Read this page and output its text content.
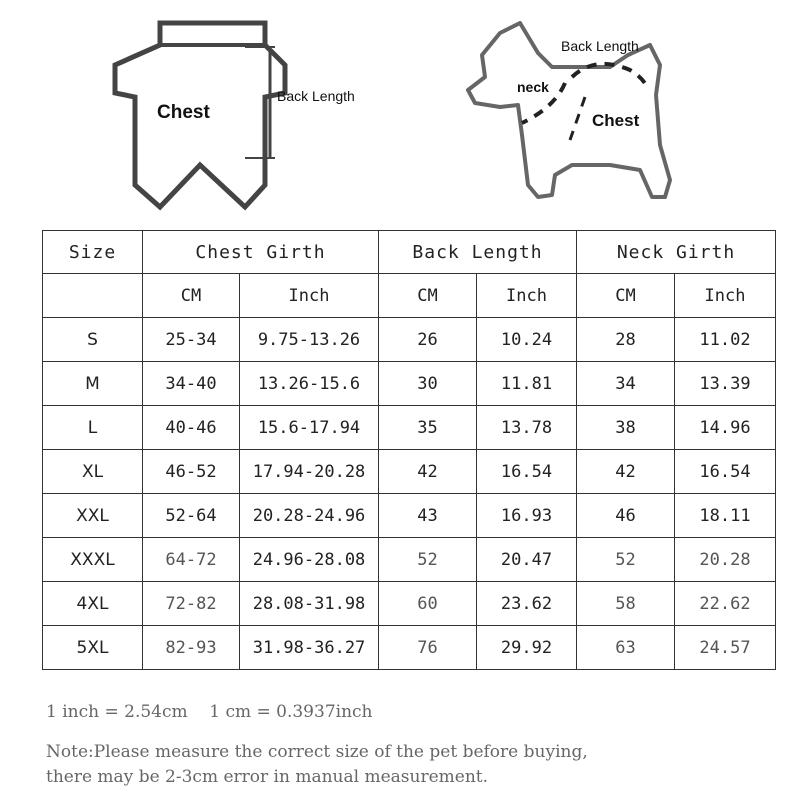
Chest
Back Length
Back Length
neck
Chest
Size	Chest Girth		Back Length		Neck Girth	
	CM	Inch	CM	Inch	CM	Inch
S	25-34	9.75-13.26	26	10.24	28	11.02
M	34-40	13.26-15.6	30	11.81	34	13.39
L	40-46	15.6-17.94	35	13.78	38	14.96
XL	46-52	17.94-20.28	42	16.54	42	16.54
XXL	52-64	20.28-24.96	43	16.93	46	18.11
XXXL	64-72	24.96-28.08	52	20.47	52	20.28
4XL	72-82	28.08-31.98	60	23.62	58	22.62
5XL	82-93	31.98-36.27	76	29.92	63	24.57
1 inch = 2.54cm    1 cm = 0.3937inch
Note:Please measure the correct size of the pet before buying,
there may be 2-3cm error in manual measurement.
